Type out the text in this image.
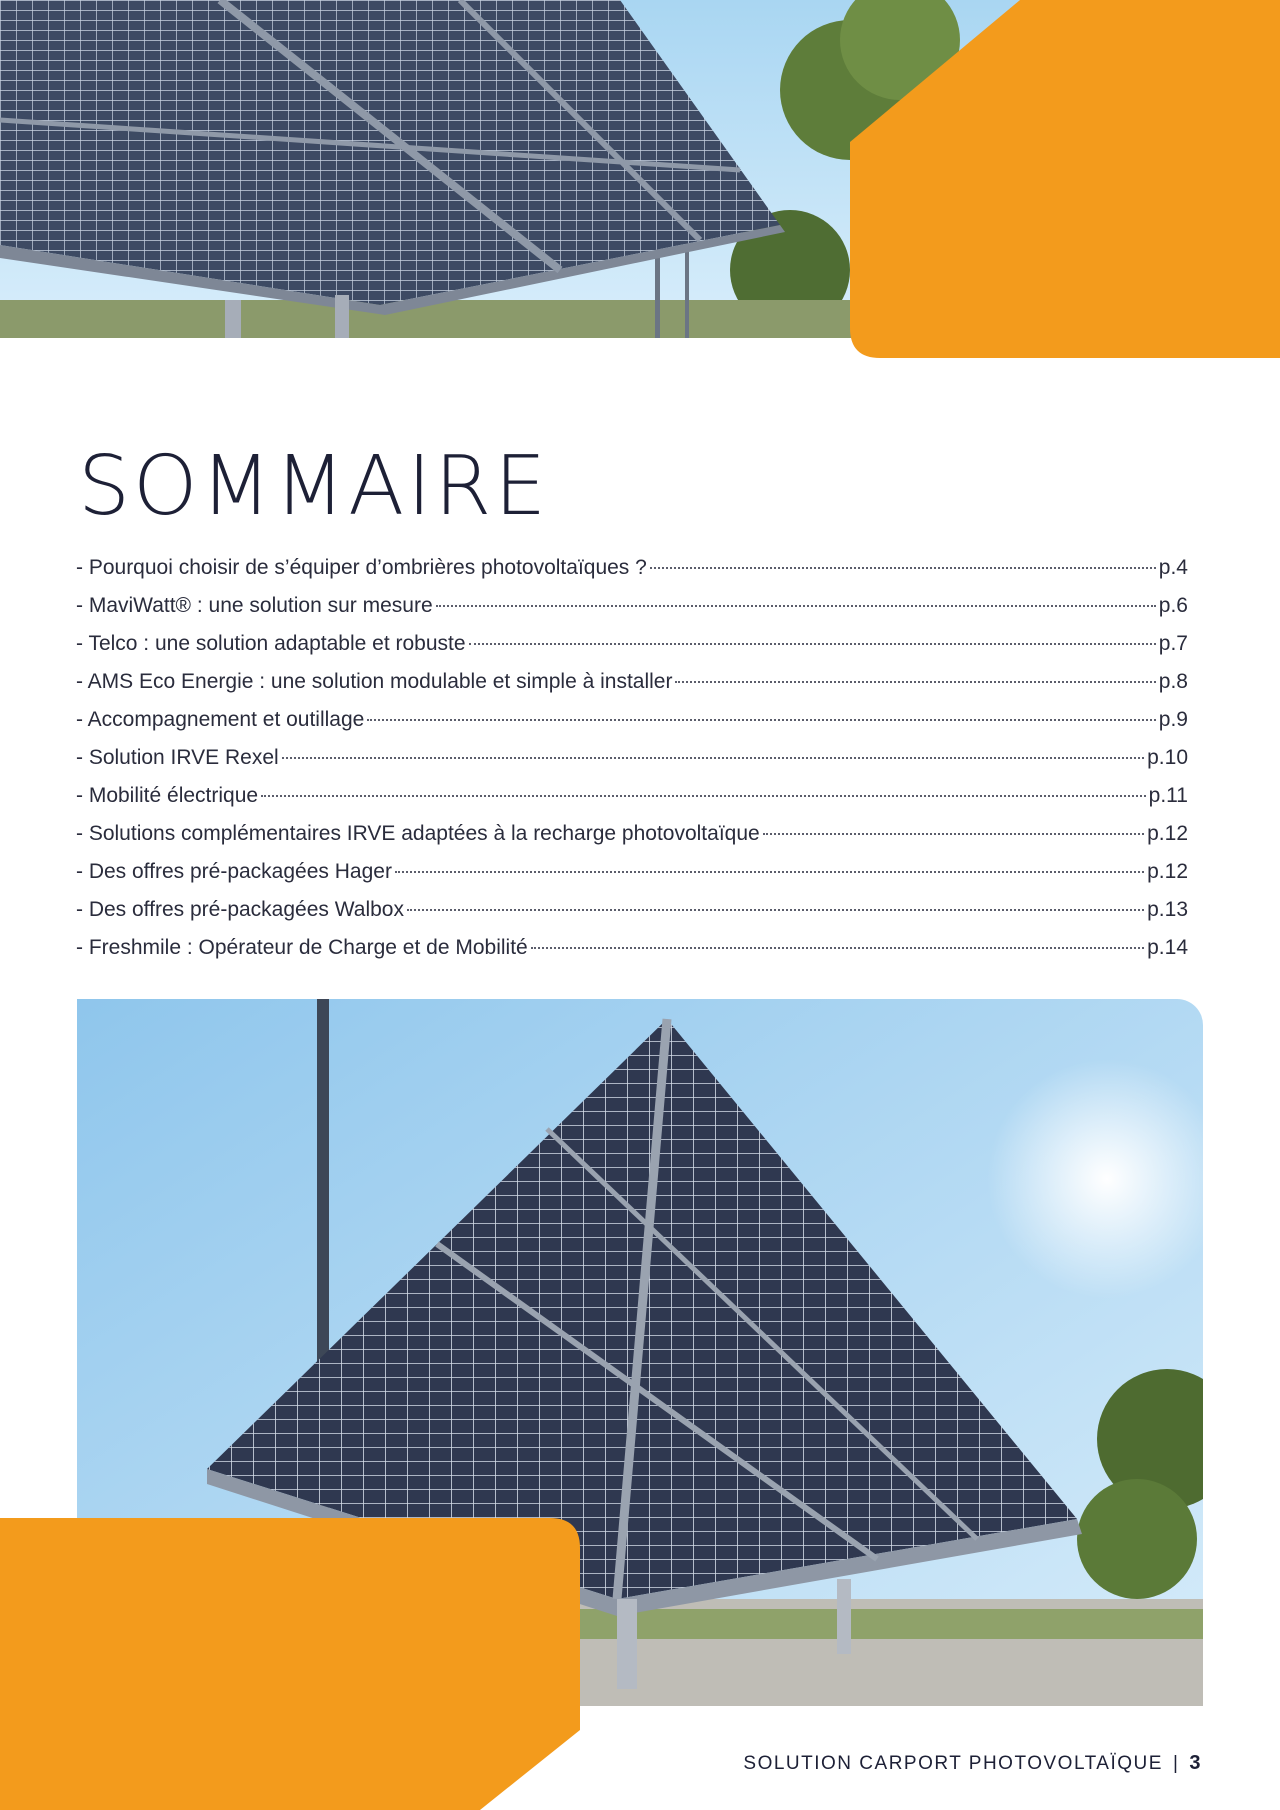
SOMMAIRE
- Pourquoi choisir de s’équiper d’ombrières photovoltaïques ?	p.4
- MaviWatt® : une solution sur mesure	p.6
- Telco : une solution adaptable et robuste	p.7
- AMS Eco Energie : une solution modulable et simple à installer	p.8
- Accompagnement et outillage	p.9
- Solution IRVE Rexel	p.10
- Mobilité électrique	p.11
- Solutions complémentaires IRVE adaptées à la recharge photovoltaïque	p.12
- Des offres pré-packagées Hager	p.12
- Des offres pré-packagées Walbox	p.13
- Freshmile : Opérateur de Charge et de Mobilité	p.14
SOLUTION CARPORT PHOTOVOLTAÏQUE | 3
